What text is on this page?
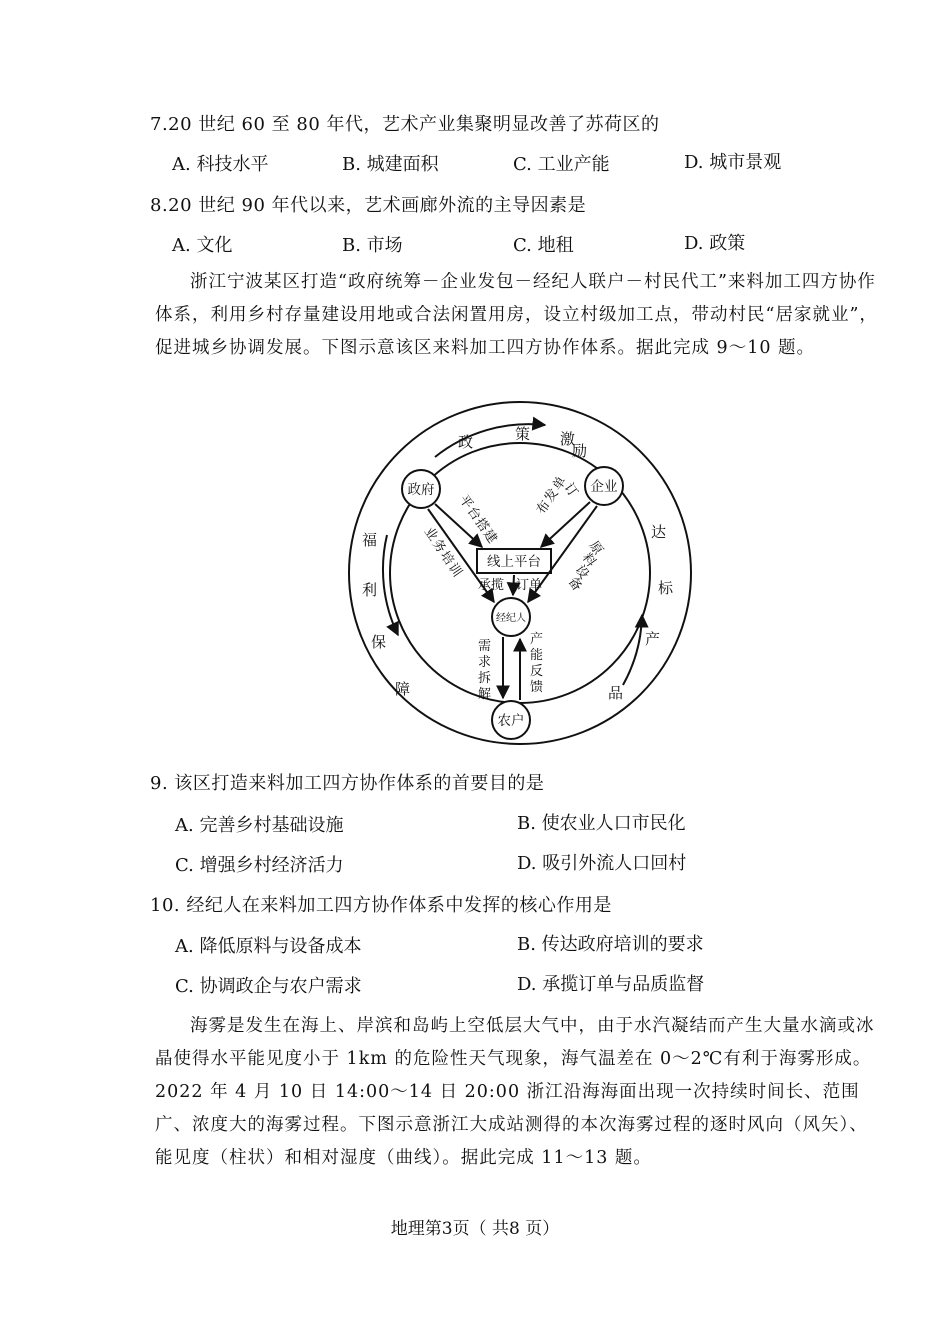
7.20 世纪 60 至 80 年代，艺术产业集聚明显改善了苏荷区的
A. 科技水平	B. 城建面积	C. 工业产能	D. 城市景观
8.20 世纪 90 年代以来，艺术画廊外流的主导因素是
A. 文化	B. 市场	C. 地租	D. 政策

浙江宁波某区打造“政府统筹－企业发包－经纪人联户－村民代工”来料加工四方协作体系，利用乡村存量建设用地或合法闲置用房，设立村级加工点，带动村民“居家就业”，促进城乡协调发展。下图示意该区来料加工四方协作体系。据此完成 9～10 题。

政	策 激
励
福
利
保
障
达
标
产
品
政府	企业
经纪人
农户
线上平台
平
台
搭
建
订
单
发
布
业
务
培
训
原
料
设
备
承揽 订单
需
求
拆
解
产
能
反
馈
9. 该区打造来料加工四方协作体系的首要目的是
A. 完善乡村基础设施	B. 使农业人口市民化
C. 增强乡村经济活力	D. 吸引外流人口回村
10. 经纪人在来料加工四方协作体系中发挥的核心作用是
A. 降低原料与设备成本	B. 传达政府培训的要求
C. 协调政企与农户需求	D. 承揽订单与品质监督

海雾是发生在海上、岸滨和岛屿上空低层大气中，由于水汽凝结而产生大量水滴或冰晶使得水平能见度小于 1km 的危险性天气现象，海气温差在 0～2℃有利于海雾形成。2022 年 4 月 10 日 14:00～14 日 20:00 浙江沿海海面出现一次持续时间长、范围广、浓度大的海雾过程。下图示意浙江大成站测得的本次海雾过程的逐时风向（风矢）、能见度（柱状）和相对湿度（曲线）。据此完成 11～13 题。

地理第3页（ 共8 页）
